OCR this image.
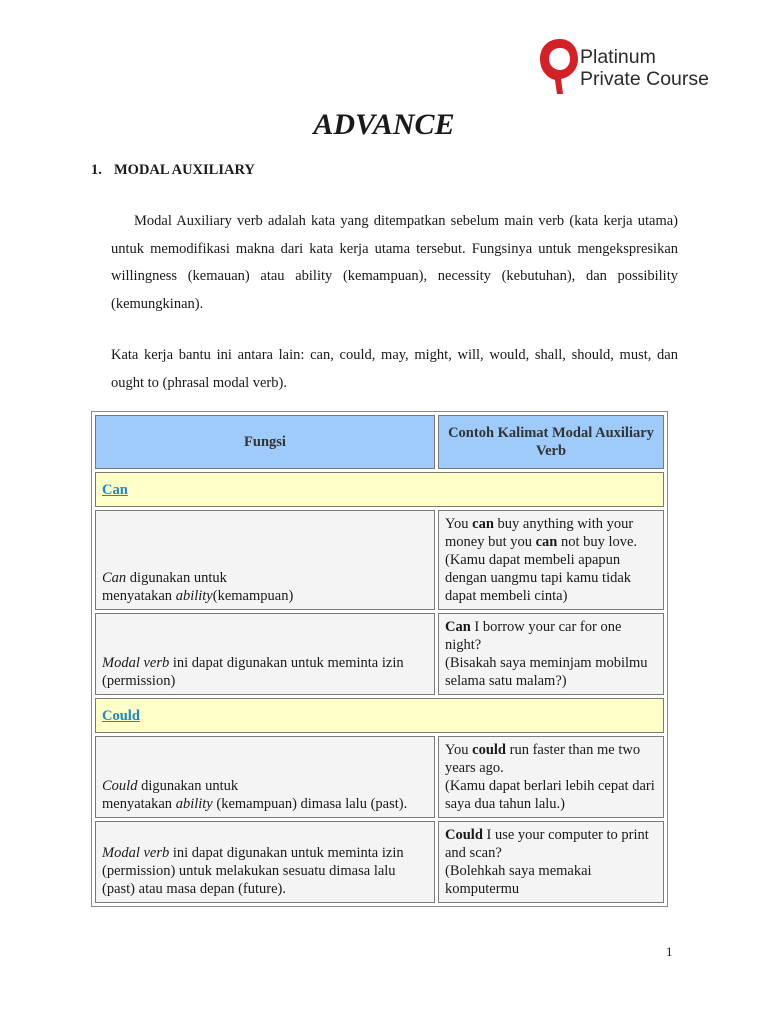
Platinum
Private Course
ADVANCE
1. MODAL AUXILIARY
Modal Auxiliary verb adalah kata yang ditempatkan sebelum main verb (kata kerja utama) untuk memodifikasi makna dari kata kerja utama tersebut. Fungsinya untuk mengekspresikan willingness (kemauan) atau ability (kemampuan), necessity (kebutuhan), dan possibility (kemungkinan).
Kata kerja bantu ini antara lain: can, could, may, might, will, would, shall, should, must, dan ought to (phrasal modal verb).
Fungsi	Contoh Kalimat Modal Auxiliary Verb
Can	
Can digunakan untuk
menyatakan ability(kemampuan)	You can buy anything with your money but you can not buy love.
(Kamu dapat membeli apapun dengan uangmu tapi kamu tidak dapat membeli cinta)
Modal verb ini dapat digunakan untuk meminta izin (permission)	Can I borrow your car for one night?
(Bisakah saya meminjam mobilmu selama satu malam?)
Could	
Could digunakan untuk
menyatakan ability (kemampuan) dimasa lalu (past).	You could run faster than me two years ago.
(Kamu dapat berlari lebih cepat dari saya dua tahun lalu.)
Modal verb ini dapat digunakan untuk meminta izin (permission) untuk melakukan sesuatu dimasa lalu (past) atau masa depan (future).	Could I use your computer to print and scan?
(Bolehkah saya memakai komputermu
1
